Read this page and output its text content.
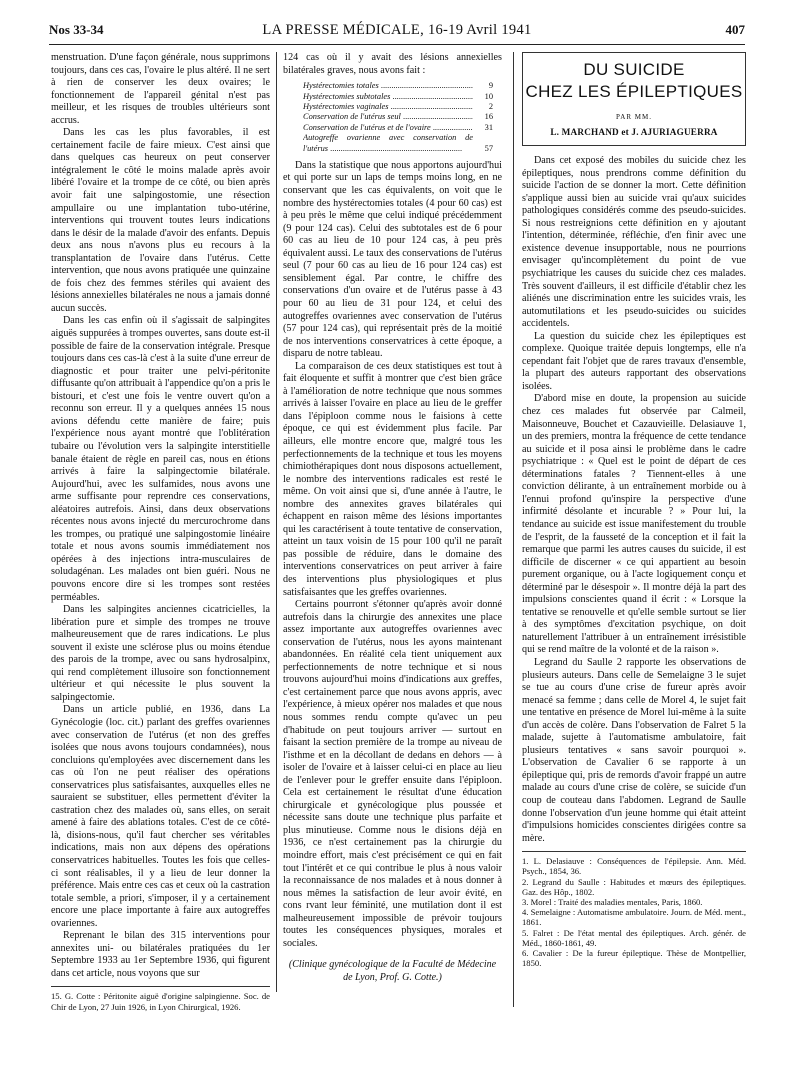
Nos 33-34	LA PRESSE MÉDICALE, 16-19 Avril 1941	407

menstruation. D'une façon générale, nous supprimons toujours, dans ces cas, l'ovaire le plus altéré. Il ne sert à rien de conserver les deux ovaires; le fonctionnement de l'appareil génital n'est pas meilleur, et les risques de troubles ultérieurs sont accrus.

Dans les cas les plus favorables, il est certainement facile de faire mieux. C'est ainsi que dans quelques cas heureux on peut conserver intégralement le côté le moins malade après avoir libéré l'ovaire et la trompe de ce côté, ou bien après avoir fait une salpingostomie, une résection ampullaire ou une implantation tubo-utérine, interventions qui trouvent toutes leurs indications dans le désir de la malade d'avoir des enfants. Depuis deux ans nous n'avons plus eu recours à la transplantation de l'ovaire dans l'utérus. Cette intervention, que nous avons pratiquée une quinzaine de fois chez des femmes stériles qui avaient des lésions annexielles bilatérales ne nous a jamais donné aucun succès.

Dans les cas enfin où il s'agissait de salpingites aiguës suppurées à trompes ouvertes, sans doute est-il possible de faire de la conservation intégrale. Presque toujours dans ces cas-là c'est à la suite d'une erreur de diagnostic et pour traiter une pelvi-péritonite diffusante qu'on attribuait à l'appendice qu'on a pris le bistouri, et c'est une fois le ventre ouvert qu'on a reconnu son erreur. Il y a quelques années 15 nous avions défendu cette manière de faire; puis l'expérience nous ayant montré que l'oblitération tubaire ou l'évolution vers la salpingite interstitielle banale étaient de règle en pareil cas, nous en étions arrivés à faire la salpingectomie bilatérale. Aujourd'hui, avec les sulfamides, nous avons une arme suffisante pour reprendre ces conservations, aléatoires autrefois. Ainsi, dans deux observations récentes nous avons injecté du mercurochrome dans les trompes, ou pratiqué une salpingostomie linéaire totale et nous avons soumis immédiatement nos opérées à des injections intra-musculaires de soludagénan. Les malades ont bien guéri. Nous ne pouvons encore dire si les trompes sont restées perméables.

Dans les salpingites anciennes cicatricielles, la libération pure et simple des trompes ne trouve malheureusement que de rares indications. Le plus souvent il existe une sclérose plus ou moins étendue des parois de la trompe, avec ou sans hydrosalpinx, qui rend complètement illusoire son fonctionnement ultérieur et qui nécessite le plus souvent la salpingectomie.

Dans un article publié, en 1936, dans La Gynécologie (loc. cit.) parlant des greffes ovariennes avec conservation de l'utérus (et non des greffes isolées que nous avons toujours condamnées), nous concluions qu'employées avec discernement dans les cas où l'on ne peut réaliser des opérations conservatrices plus satisfaisantes, auxquelles elles ne sauraient se substituer, elles permettent d'éviter la castration chez des malades où, sans elles, on serait amené à faire des ablations totales. C'est de ce côté-là, disions-nous, qu'il faut chercher ses véritables indications, mais non aux dépens des opérations conservatrices habituelles. Toutes les fois que celles-ci sont réalisables, il y a lieu de leur donner la préférence. Mais entre ces cas et ceux où la castration totale semble, a priori, s'imposer, il y a certainement encore une place importante à faire aux autogreffes ovariennes.

Reprenant le bilan des 315 interventions pour annexites uni- ou bilatérales pratiquées du 1er Septembre 1933 au 1er Septembre 1936, qui figurent dans cet article, nous voyons que sur

15. G. Cotte : Péritonite aiguë d'origine salpingienne. Soc. de Chir de Lyon, 27 Juin 1926, in Lyon Chirurgical, 1926.

124 cas où il y avait des lésions annexielles bilatérales graves, nous avons fait :

Hystérectomies totales .....	9
Hystérectomies subtotales .....	10
Hystérectomies vaginales .....	2
Conservation de l'utérus seul .....	16
Conservation de l'utérus et de l'ovaire .....	31
Autogreffe ovarienne avec conservation de l'utérus .....	57

Dans la statistique que nous apportons aujourd'hui et qui porte sur un laps de temps moins long, en ne conservant que les cas équivalents, on voit que le nombre des hystérectomies totales (4 pour 60 cas) est à peu près le même que celui indiqué précédemment (9 pour 124 cas). Celui des subtotales est de 6 pour 60 cas au lieu de 10 pour 124 cas, à peu près équivalent aussi. Le taux des conservations de l'utérus seul (7 pour 60 cas au lieu de 16 pour 124 cas) est sensiblement égal. Par contre, le chiffre des conservations d'un ovaire et de l'utérus passe à 43 pour 60 au lieu de 31 pour 124, et celui des autogreffes ovariennes avec conservation de l'utérus (57 pour 124 cas), qui représentait près de la moitié de nos interventions conservatrices à cette époque, a disparu de notre tableau.

La comparaison de ces deux statistiques est tout à fait éloquente et suffit à montrer que c'est bien grâce à l'amélioration de notre technique que nous sommes arrivés à laisser l'ovaire en place au lieu de le greffer dans l'épiploon comme nous le faisions à cette époque, ce qui est évidemment plus facile. Par ailleurs, elle montre encore que, malgré tous les perfectionnements de la technique et tous les moyens chimiothérapiques dont nous disposons actuellement, le nombre des interventions radicales est resté le même. On voit ainsi que si, d'une année à l'autre, le nombre des annexites graves bilatérales qui échappent en raison même des lésions importantes qui les caractérisent à toute tentative de conservation, atteint un taux voisin de 15 pour 100 qu'il ne paraît pas possible de réduire, dans le domaine des interventions conservatrices on peut arriver à faire des interventions plus physiologiques et plus satisfaisantes que les greffes ovariennes.

Certains pourront s'étonner qu'après avoir donné autrefois dans la chirurgie des annexites une place assez importante aux autogreffes ovariennes avec conservation de l'utérus, nous les ayons maintenant abandonnées. En réalité cela tient uniquement aux perfectionnements de notre technique et si nous trouvons aujourd'hui moins d'indications aux greffes, c'est certainement parce que nous avons appris, avec l'expérience, à mieux opérer nos malades et que nous nous sommes rendu compte qu'avec un peu d'habitude on peut toujours arriver — surtout en faisant la section première de la trompe au niveau de l'isthme et en la décollant de dedans en dehors — à isoler de l'ovaire et à laisser celui-ci en place au lieu de l'enlever pour le greffer ensuite dans l'épiploon. Cela est certainement le résultat d'une éducation chirurgicale et gynécologique plus poussée et nécessite sans doute une technique plus parfaite et plus minutieuse. Comme nous le disions déjà en 1936, ce n'est certainement pas la chirurgie du moindre effort, mais c'est précisément ce qui en fait tout l'intérêt et ce qui contribue le plus à nous valoir la reconnaissance de nos malades et à nous donner à nous mêmes la satisfaction de leur avoir évité, en cons rvant leur féminité, une mutilation dont il est malheureusement impossible de prévoir toujours toutes les conséquences physiques, morales et sociales.

(Clinique gynécologique de la Faculté de Médecine de Lyon, Prof. G. Cotte.)
DU SUICIDE
CHEZ LES ÉPILEPTIQUES
PAR MM.
L. MARCHAND et J. AJURIAGUERRA

Dans cet exposé des mobiles du suicide chez les épileptiques, nous prendrons comme définition du suicide l'action de se donner la mort. Cette définition s'applique aussi bien au suicide vrai qu'aux suicides pathologiques considérés comme des pseudo-suicides. Si nous restreignions cette définition en y ajoutant l'intention, déterminée, réfléchie, d'en finir avec une existence devenue insupportable, nous ne pourrions envisager qu'incomplètement du point de vue psychiatrique les causes du suicide chez ces malades. Très souvent d'ailleurs, il est difficile d'établir chez les aliénés une discrimination entre les suicides vrais, les automutilations et les pseudo-suicides ou suicides accidentels.

La question du suicide chez les épileptiques est complexe. Quoique traitée depuis longtemps, elle n'a cependant fait l'objet que de rares travaux d'ensemble, la plupart des auteurs rapportant des observations isolées.

D'abord mise en doute, la propension au suicide chez ces malades fut observée par Calmeil, Maisonneuve, Bouchet et Cazauvieille. Delasiauve 1, un des premiers, montra la fréquence de cette tendance au suicide et il posa ainsi le problème dans le cadre psychiatrique : « Quel est le point de départ de ces déterminations fatales ? Tiennent-elles à une conviction délirante, à un entraînement morbide ou à l'ennui profond qu'inspire la perspective d'une infirmité désolante et incurable ? » Pour lui, la tendance au suicide est issue manifestement du trouble de l'esprit, de la fausseté de la conception et il fait la remarque que parmi les autres causes du suicide, il est difficile de discerner « ce qui appartient au besoin purement organique, ou à l'acte logiquement conçu et déterminé par le désespoir ». Il montre déjà la part des impulsions conscientes quand il écrit : « Lorsque la tentative se renouvelle et qu'elle semble surtout se lier à des symptômes d'excitation psychique, on doit naturellement l'attribuer à un entraînement irrésistible qui se rend maître de la volonté et de la raison ».

Legrand du Saulle 2 rapporte les observations de plusieurs auteurs. Dans celle de Semelaigne 3 le sujet se tue au cours d'une crise de fureur après avoir menacé sa femme ; dans celle de Morel 4, le sujet fait une tentative en présence de Morel lui-même à la suite d'un accès de colère. Dans l'observation de Falret 5 la malade, sujette à l'automatisme ambulatoire, fait plusieurs tentatives « sans savoir pourquoi ». L'observation de Cavalier 6 se rapporte à un épileptique qui, pris de remords d'avoir frappé un autre malade au cours d'une crise de colère, se suicide d'un coup de couteau dans l'abdomen. Legrand de Saulle donne l'observation d'un jeune homme qui était atteint d'impulsions homicides conscientes dirigées contre sa mère.

1. L. Delasiauve : Conséquences de l'épilepsie. Ann. Méd. Psych., 1854, 36.

2. Legrand du Saulle : Habitudes et mœurs des épileptiques. Gaz. des Hôp., 1802.

3. Morel : Traité des maladies mentales, Paris, 1860.

4. Semelaigne : Automatisme ambulatoire. Journ. de Méd. ment., 1861.

5. Falret : De l'état mental des épileptiques. Arch. génér. de Méd., 1860-1861, 49.

6. Cavalier : De la fureur épileptique. Thèse de Montpellier, 1850.
